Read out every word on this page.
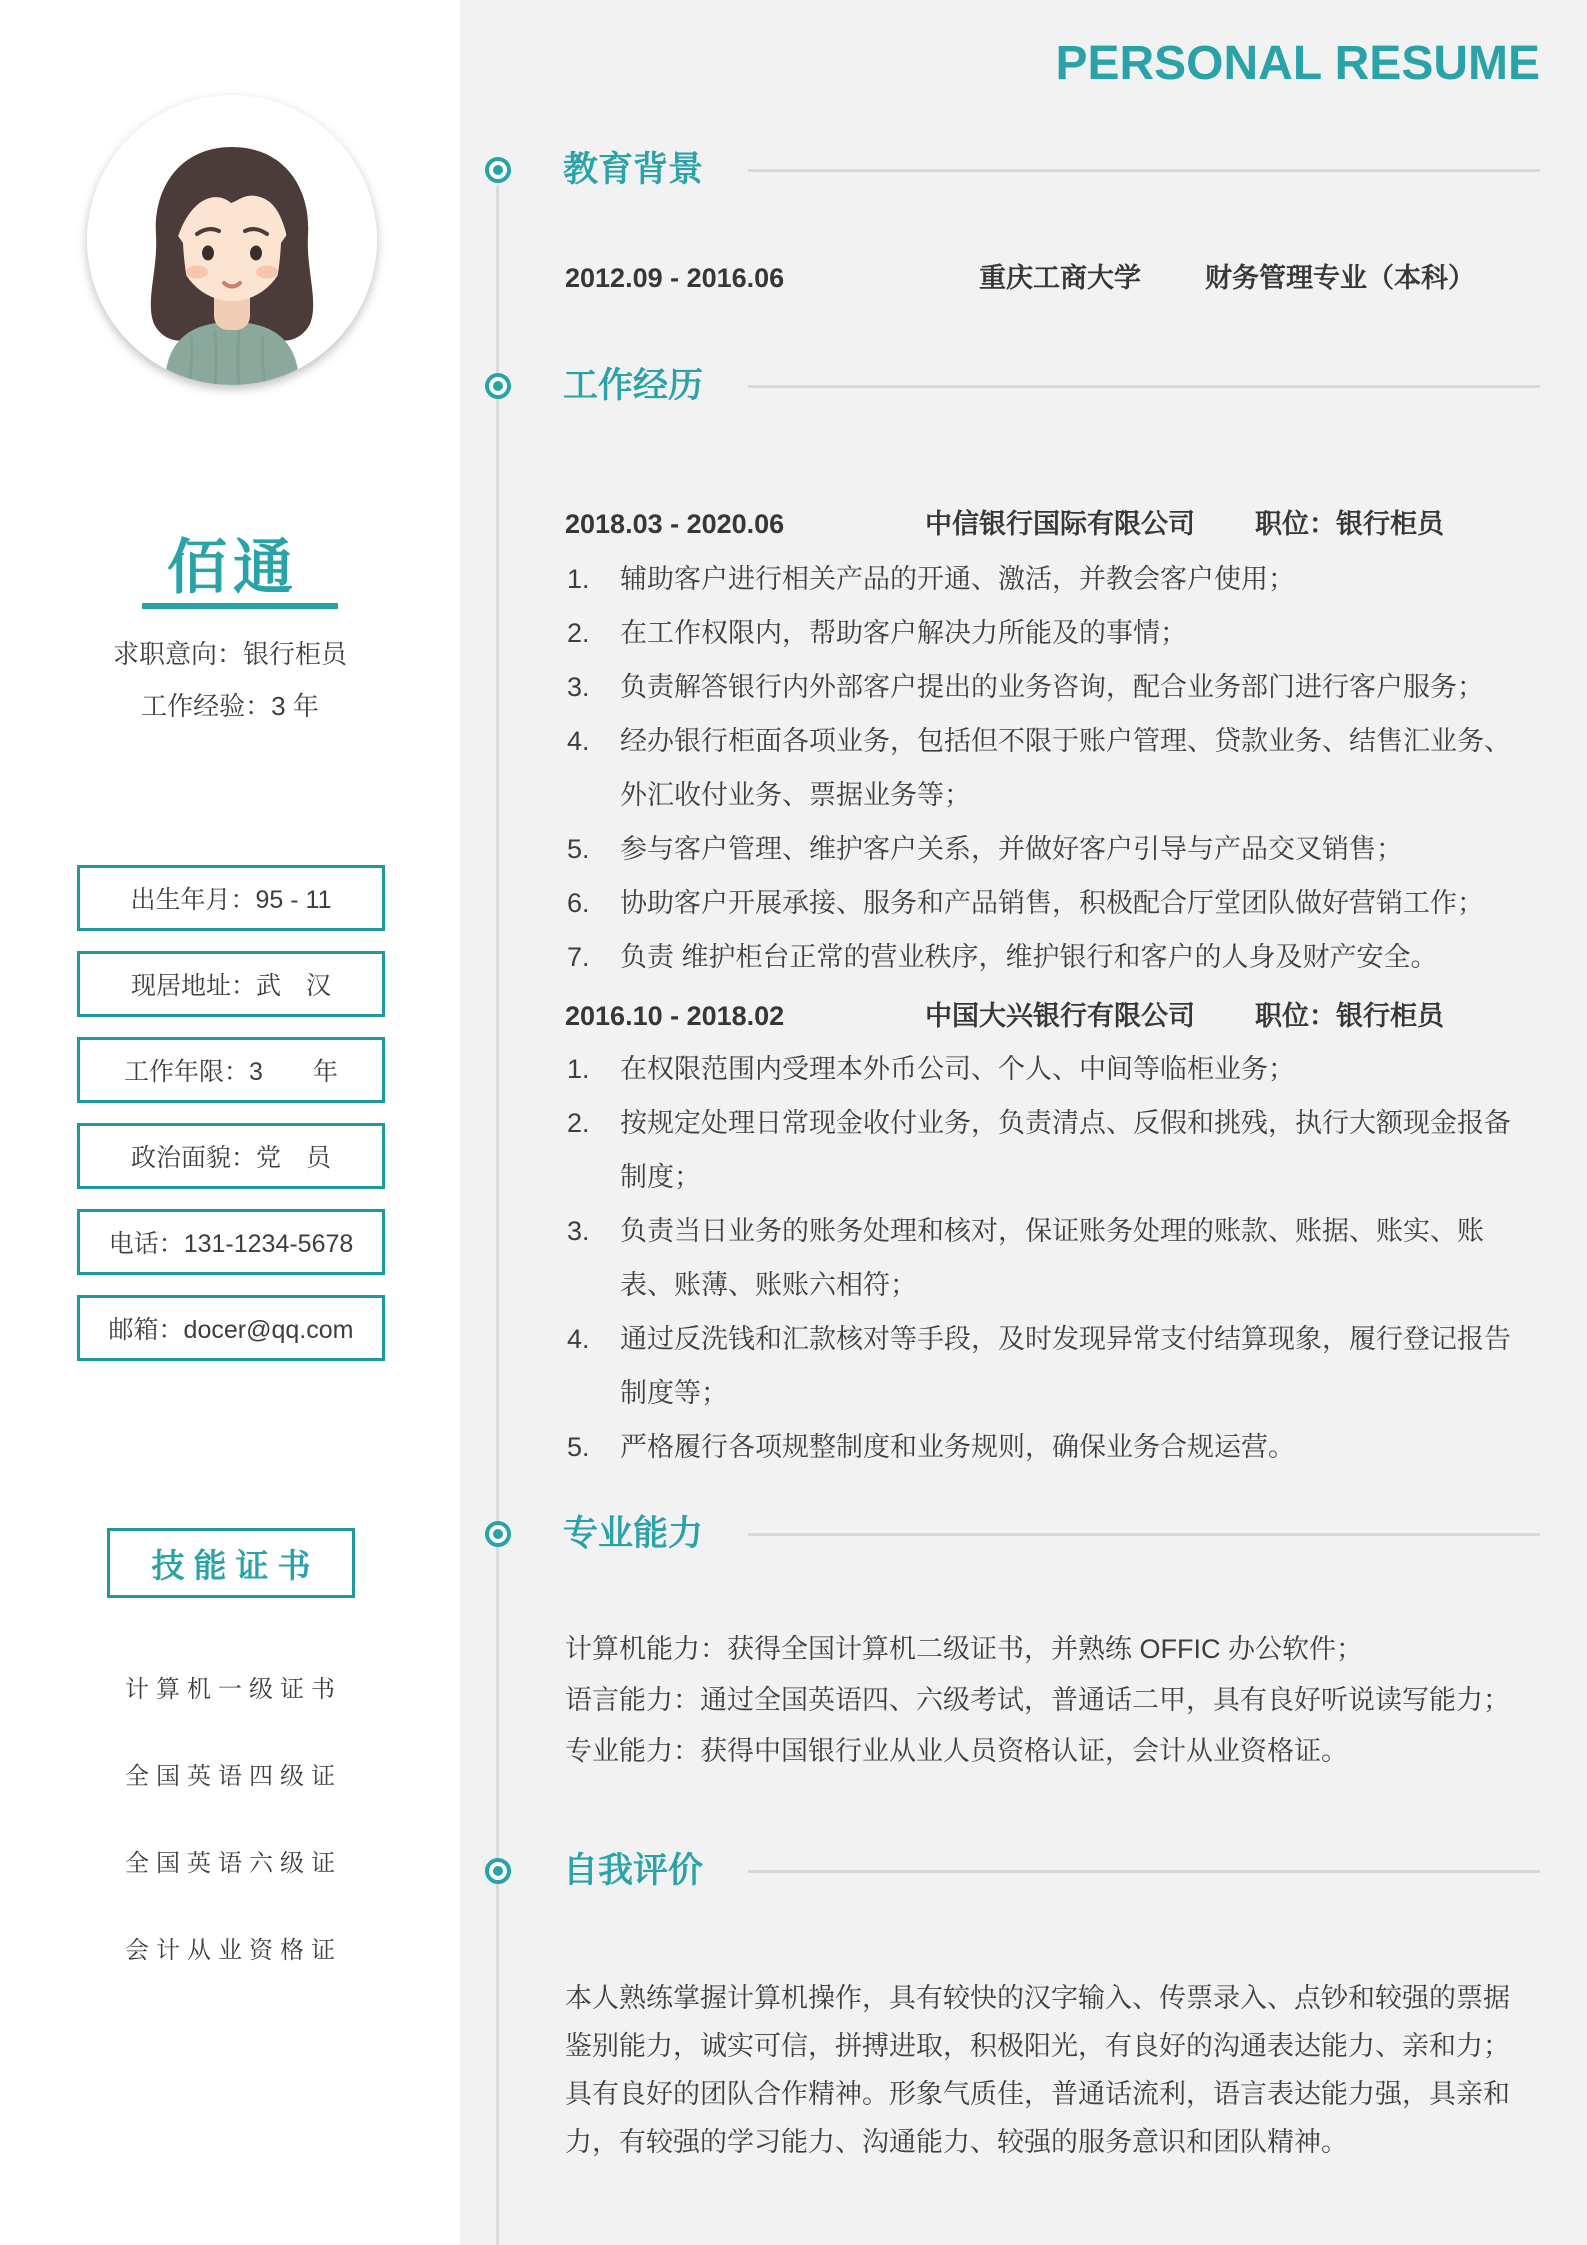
佰通
求职意向：银行柜员
工作经验：3 年
出生年月：95 - 11
现居地址：武　汉
工作年限：3　　年
政治面貌：党　员
电话：131-1234-5678
邮箱：docer@qq.com
技能证书
计算机一级证书
全国英语四级证
全国英语六级证
会计从业资格证
PERSONAL RESUME
教育背景
2012.09 - 2016.06	重庆工商大学	财务管理专业（本科）
工作经历
2018.03 - 2020.06	中信银行国际有限公司	职位：银行柜员
辅助客户进行相关产品的开通、激活，并教会客户使用；
在工作权限内，帮助客户解决力所能及的事情；
负责解答银行内外部客户提出的业务咨询，配合业务部门进行客户服务；
经办银行柜面各项业务，包括但不限于账户管理、贷款业务、结售汇业务、外汇收付业务、票据业务等；
参与客户管理、维护客户关系，并做好客户引导与产品交叉销售；
协助客户开展承接、服务和产品销售，积极配合厅堂团队做好营销工作；
负责 维护柜台正常的营业秩序，维护银行和客户的人身及财产安全。
2016.10 - 2018.02	中国大兴银行有限公司	职位：银行柜员
在权限范围内受理本外币公司、个人、中间等临柜业务；
按规定处理日常现金收付业务，负责清点、反假和挑残，执行大额现金报备制度；
负责当日业务的账务处理和核对，保证账务处理的账款、账据、账实、账表、账薄、账账六相符；
通过反洗钱和汇款核对等手段，及时发现异常支付结算现象，履行登记报告制度等；
严格履行各项规整制度和业务规则，确保业务合规运营。
专业能力
计算机能力：获得全国计算机二级证书，并熟练 OFFIC 办公软件；
语言能力：通过全国英语四、六级考试，普通话二甲，具有良好听说读写能力；
专业能力：获得中国银行业从业人员资格认证，会计从业资格证。
自我评价
本人熟练掌握计算机操作，具有较快的汉字输入、传票录入、点钞和较强的票据鉴别能力，诚实可信，拼搏进取，积极阳光，有良好的沟通表达能力、亲和力；具有良好的团队合作精神。形象气质佳，普通话流利，语言表达能力强，具亲和力，有较强的学习能力、沟通能力、较强的服务意识和团队精神。
